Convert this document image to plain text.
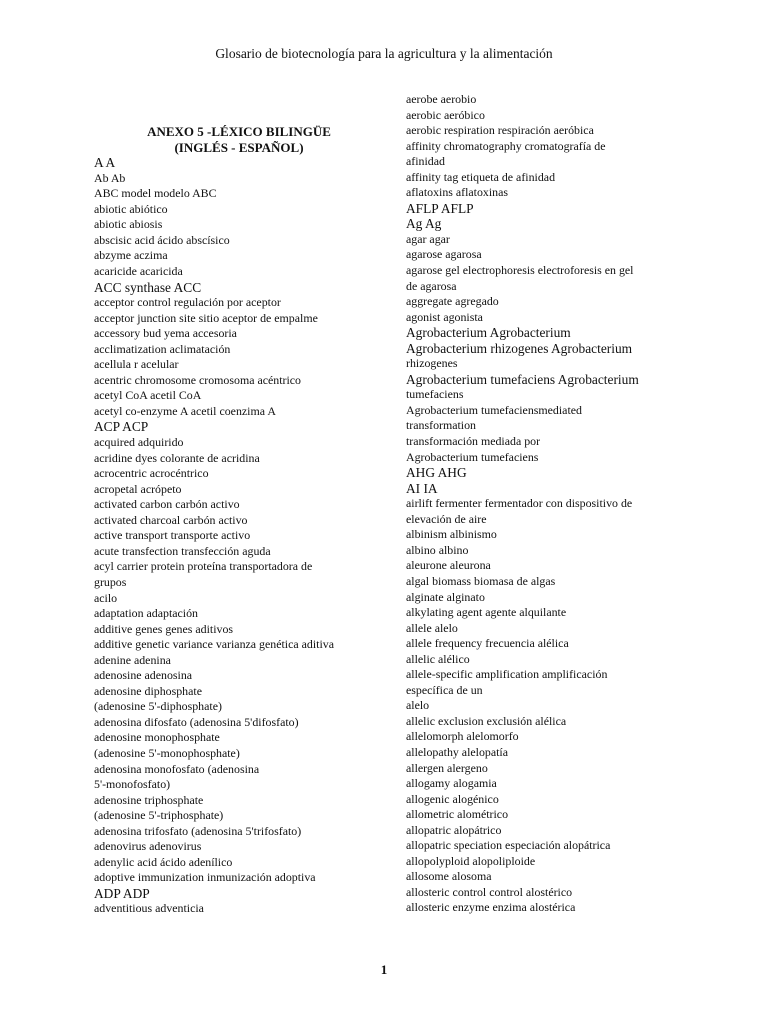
Glosario de biotecnología para la agricultura y la alimentación
ANEXO 5 -LÉXICO BILINGÜE
(INGLÉS - ESPAÑOL)
A A
Ab Ab
ABC model modelo ABC
abiotic abiótico
abiotic abiosis
abscisic acid ácido abscísico
abzyme aczima
acaricide acaricida
ACC synthase ACC
acceptor control regulación por aceptor
acceptor junction site sitio aceptor de empalme
accessory bud yema accesoria
acclimatization aclimatación
acellula r acelular
acentric chromosome cromosoma acéntrico
acetyl CoA acetil CoA
acetyl co-enzyme A acetil coenzima A
ACP ACP
acquired adquirido
acridine dyes colorante de acridina
acrocentric acrocéntrico
acropetal acrópeto
activated carbon carbón activo
activated charcoal carbón activo
active transport transporte activo
acute transfection transfección aguda
acyl carrier protein proteína transportadora de
grupos
acilo
adaptation adaptación
additive genes genes aditivos
additive genetic variance varianza genética aditiva
adenine adenina
adenosine adenosina
adenosine diphosphate
(adenosine 5'-diphosphate)
adenosina difosfato (adenosina 5'difosfato)
adenosine monophosphate
(adenosine 5'-monophosphate)
adenosina monofosfato (adenosina
5'-monofosfato)
adenosine triphosphate
(adenosine 5'-triphosphate)
adenosina trifosfato (adenosina 5'trifosfato)
adenovirus adenovirus
adenylic acid ácido adenílico
adoptive immunization inmunización adoptiva
ADP ADP
adventitious adventicia
aerobe aerobio
aerobic aeróbico
aerobic respiration respiración aeróbica
affinity chromatography cromatografía de
afinidad
affinity tag etiqueta de afinidad
aflatoxins aflatoxinas
AFLP AFLP
Ag Ag
agar agar
agarose agarosa
agarose gel electrophoresis electroforesis en gel
de agarosa
aggregate agregado
agonist agonista
Agrobacterium Agrobacterium
Agrobacterium rhizogenes Agrobacterium
rhizogenes
Agrobacterium tumefaciens Agrobacterium
tumefaciens
Agrobacterium tumefaciensmediated
transformation
transformación mediada por
Agrobacterium tumefaciens
AHG AHG
AI IA
airlift fermenter fermentador con dispositivo de
elevación de aire
albinism albinismo
albino albino
aleurone aleurona
algal biomass biomasa de algas
alginate alginato
alkylating agent agente alquilante
allele alelo
allele frequency frecuencia alélica
allelic alélico
allele-specific amplification amplificación
específica de un
alelo
allelic exclusion exclusión alélica
allelomorph alelomorfo
allelopathy alelopatía
allergen alergeno
allogamy alogamia
allogenic alogénico
allometric alométrico
allopatric alopátrico
allopatric speciation especiación alopátrica
allopolyploid alopoliploide
allosome alosoma
allosteric control control alostérico
allosteric enzyme enzima alostérica
1
